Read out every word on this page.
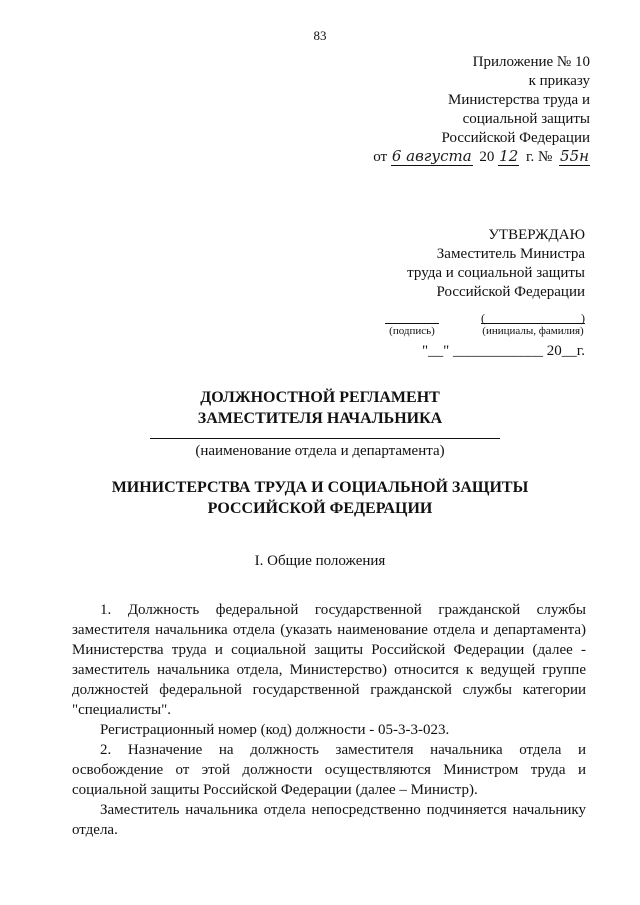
83
Приложение № 10
к приказу
Министерства труда и
социальной защиты
Российской Федерации
от 6 августа 20 12 г. № 55н
УТВЕРЖДАЮ
Заместитель Министра
труда и социальной защиты
Российской Федерации

(подпись)
(	)
(инициалы, фамилия)
"__" ____________ 20__г.
ДОЛЖНОСТНОЙ РЕГЛАМЕНТ
ЗАМЕСТИТЕЛЯ НАЧАЛЬНИКА
(наименование отдела и департамента)
МИНИСТЕРСТВА ТРУДА И СОЦИАЛЬНОЙ ЗАЩИТЫ
РОССИЙСКОЙ ФЕДЕРАЦИИ
I. Общие положения

1. Должность федеральной государственной гражданской службы заместителя начальника отдела (указать наименование отдела и департамента) Министерства труда и социальной защиты Российской Федерации (далее - заместитель начальника отдела, Министерство) относится к ведущей группе должностей федеральной государственной гражданской службы категории "специалисты".

Регистрационный номер (код) должности - 05-3-3-023.

2. Назначение на должность заместителя начальника отдела и освобождение от этой должности осуществляются Министром труда и социальной защиты Российской Федерации (далее – Министр).

Заместитель начальника отдела непосредственно подчиняется начальнику отдела.
